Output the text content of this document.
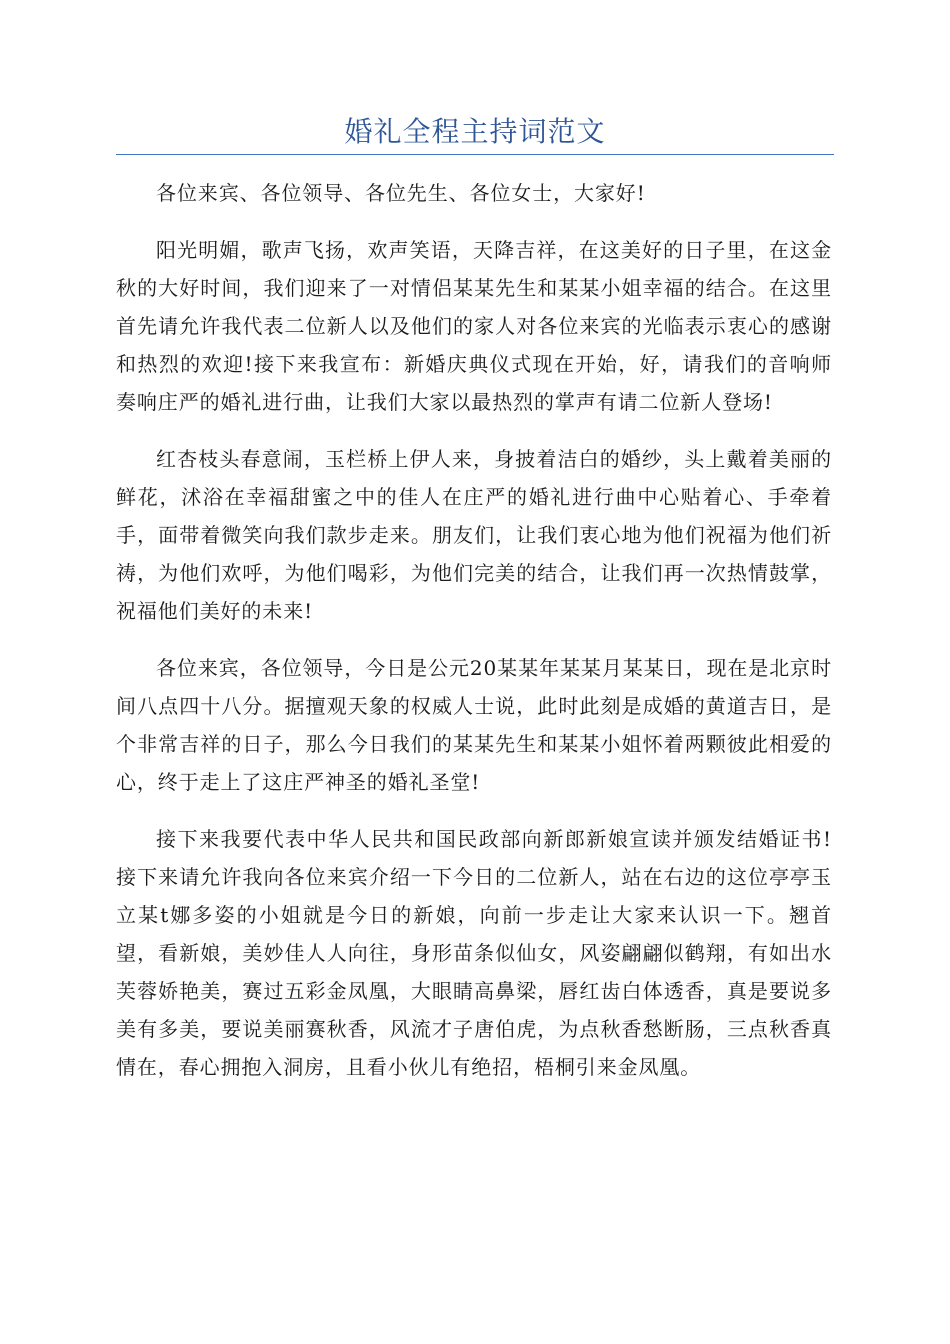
婚礼全程主持词范文

各位来宾、各位领导、各位先生、各位女士，大家好!

阳光明媚，歌声飞扬，欢声笑语，天降吉祥，在这美好的日子里，在这金秋的大好时间，我们迎来了一对情侣某某先生和某某小姐幸福的结合。在这里首先请允许我代表二位新人以及他们的家人对各位来宾的光临表示衷心的感谢和热烈的欢迎!接下来我宣布：新婚庆典仪式现在开始，好，请我们的音响师奏响庄严的婚礼进行曲，让我们大家以最热烈的掌声有请二位新人登场!

红杏枝头春意闹，玉栏桥上伊人来，身披着洁白的婚纱，头上戴着美丽的鲜花，沭浴在幸福甜蜜之中的佳人在庄严的婚礼进行曲中心贴着心、手牵着手，面带着微笑向我们款步走来。朋友们，让我们衷心地为他们祝福为他们祈祷，为他们欢呼，为他们喝彩，为他们完美的结合，让我们再一次热情鼓掌，祝福他们美好的未来!

各位来宾，各位领导，今日是公元20某某年某某月某某日，现在是北京时间八点四十八分。据擅观天象的权威人士说，此时此刻是成婚的黄道吉日，是个非常吉祥的日子，那么今日我们的某某先生和某某小姐怀着两颗彼此相爱的心，终于走上了这庄严神圣的婚礼圣堂!

接下来我要代表中华人民共和国民政部向新郎新娘宣读并颁发结婚证书!接下来请允许我向各位来宾介绍一下今日的二位新人，站在右边的这位亭亭玉立某t娜多姿的小姐就是今日的新娘，向前一步走让大家来认识一下。翘首望，看新娘，美妙佳人人向往，身形苗条似仙女，风姿翩翩似鹤翔，有如出水芙蓉娇艳美，赛过五彩金凤凰，大眼睛高鼻梁，唇红齿白体透香，真是要说多美有多美，要说美丽赛秋香，风流才子唐伯虎，为点秋香愁断肠，三点秋香真情在，春心拥抱入洞房，且看小伙儿有绝招，梧桐引来金凤凰。
